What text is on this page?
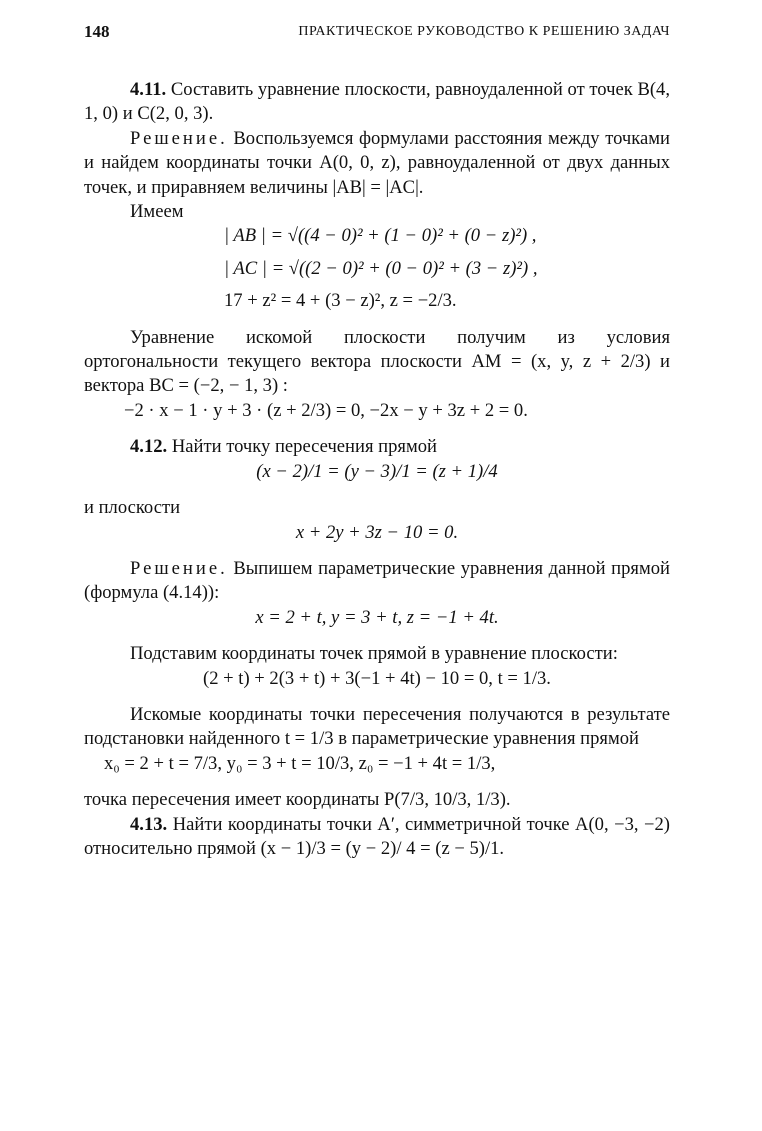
148	ПРАКТИЧЕСКОЕ РУКОВОДСТВО К РЕШЕНИЮ ЗАДАЧ

4.11. Составить уравнение плоскости, равноудаленной от точек B(4, 1, 0) и C(2, 0, 3).

Решение. Воспользуемся формулами расстояния между точками и найдем координаты точки A(0, 0, z), равноудаленной от двух данных точек, и приравняем величины |AB| = |AC|.

Имеем

| AB | = √((4 − 0)² + (1 − 0)² + (0 − z)²) ,
| AC | = √((2 − 0)² + (0 − 0)² + (3 − z)²) ,
17 + z² = 4 + (3 − z)², z = −2/3.

Уравнение искомой плоскости получим из условия ортогональности текущего вектора плоскости AM = (x, y, z + 2/3) и вектора BC = (−2, − 1, 3) :

−2 · x − 1 · y + 3 · (z + 2/3) = 0, −2x − y + 3z + 2 = 0.

4.12. Найти точку пересечения прямой

(x − 2)/1 = (y − 3)/1 = (z + 1)/4

и плоскости

x + 2y + 3z − 10 = 0.

Решение. Выпишем параметрические уравнения данной прямой (формула (4.14)):

x = 2 + t, y = 3 + t, z = −1 + 4t.

Подставим координаты точек прямой в уравнение плоскости:

(2 + t) + 2(3 + t) + 3(−1 + 4t) − 10 = 0, t = 1/3.

Искомые координаты точки пересечения получаются в результате подстановки найденного t = 1/3 в параметрические уравнения прямой

x₀ = 2 + t = 7/3, y₀ = 3 + t = 10/3, z₀ = −1 + 4t = 1/3,

точка пересечения имеет координаты P(7/3, 10/3, 1/3).

4.13. Найти координаты точки A′, симметричной точке A(0, −3, −2) относительно прямой (x − 1)/3 = (y − 2)/ 4 = (z − 5)/1.
